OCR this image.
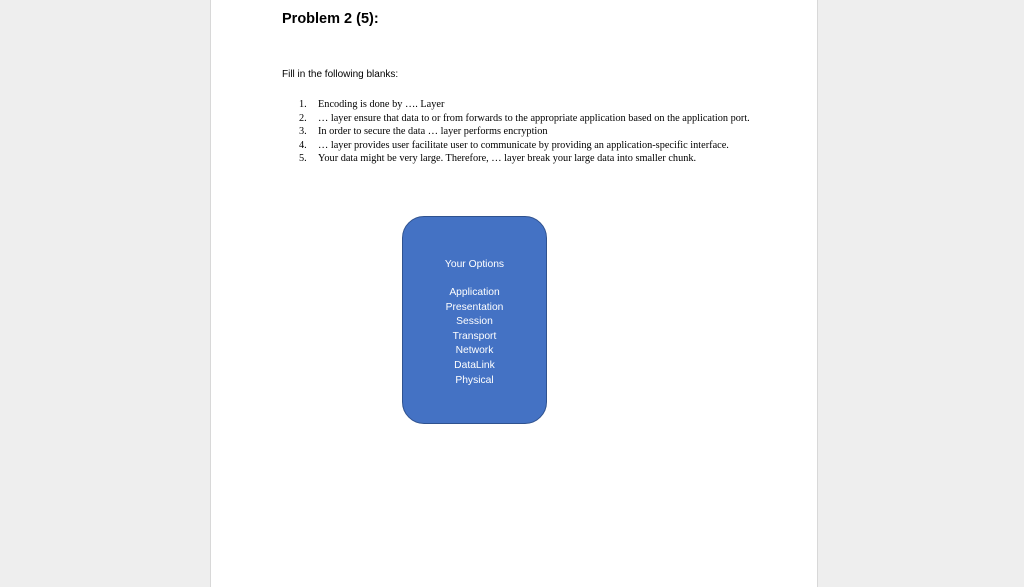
Problem 2 (5):
Fill in the following blanks:
1. Encoding is done by …. Layer
2. … layer ensure that data to or from forwards to the appropriate application based on the application port.
3. In order to secure the data … layer performs encryption
4. … layer provides user facilitate user to communicate by providing an application-specific interface.
5. Your data might be very large. Therefore, … layer break your large data into smaller chunk.
Your Options
Application
Presentation
Session
Transport
Network
DataLink
Physical
